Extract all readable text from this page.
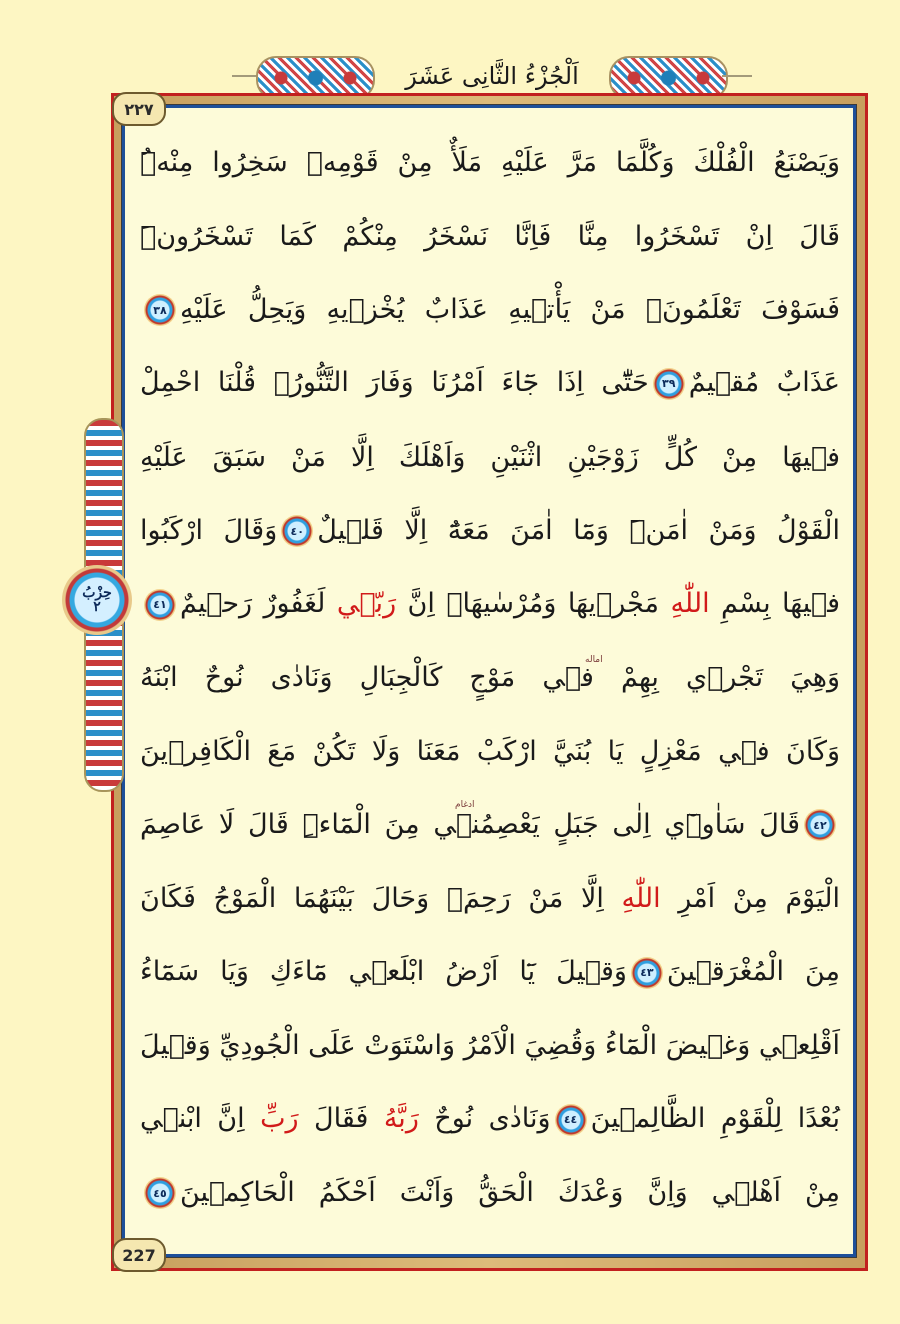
اَلْجُزْءُ الثَّانِى عَشَرَ
٢٢٧
227
حِزْبُ
٢
وَيَصْنَعُ الْفُلْكَ وَكُلَّمَا مَرَّ عَلَيْهِ مَلَأٌ مِنْ قَوْمِه۪ سَخِرُوا مِنْهُۜ
قَالَ اِنْ تَسْخَرُوا مِنَّا فَاِنَّا نَسْخَرُ مِنْكُمْ كَمَا تَسْخَرُونَۜ
فَسَوْفَ تَعْلَمُونَۙ مَنْ يَأْت۪يهِ عَذَابٌ يُخْز۪يهِ وَيَحِلُّ عَلَيْهِ٣٨
عَذَابٌ مُق۪يمٌ٣٩حَتّٰٓى اِذَا جَٓاءَ اَمْرُنَا وَفَارَ التَّنُّورُۙ قُلْنَا احْمِلْ
ف۪يهَا مِنْ كُلٍّ زَوْجَيْنِ اثْنَيْنِ وَاَهْلَكَ اِلَّا مَنْ سَبَقَ عَلَيْهِ
الْقَوْلُ وَمَنْ اٰمَنَۜ وَمَٓا اٰمَنَ مَعَهُٓ اِلَّا قَل۪يلٌ٤٠وَقَالَ ارْكَبُوا
ف۪يهَا بِسْمِ اللّٰهِ مَجْر۪يهَا وَمُرْسٰيهَاۜ اِنَّ رَبّ۪ي لَغَفُورٌ رَح۪يمٌ٤١
وَهِيَ تَجْر۪ي بِهِمْ ف۪ي مَوْجٍ كَالْجِبَالِ وَنَادٰى نُوحٌ ابْنَهُ
وَكَانَ ف۪ي مَعْزِلٍ يَا بُنَيَّ ارْكَبْ مَعَنَا وَلَا تَكُنْ مَعَ الْكَافِر۪ينَ
٤٢قَالَ سَاٰو۪ٓي اِلٰى جَبَلٍ يَعْصِمُن۪ي مِنَ الْمَٓاءِۜ قَالَ لَا عَاصِمَ
الْيَوْمَ مِنْ اَمْرِ اللّٰهِ اِلَّا مَنْ رَحِمَۚ وَحَالَ بَيْنَهُمَا الْمَوْجُ فَكَانَ
مِنَ الْمُغْرَق۪ينَ٤٣وَق۪يلَ يَٓا اَرْضُ ابْلَع۪ي مَٓاءَكِ وَيَا سَمَٓاءُ
اَقْلِع۪ي وَغ۪يضَ الْمَٓاءُ وَقُضِيَ الْاَمْرُ وَاسْتَوَتْ عَلَى الْجُودِيِّ وَق۪يلَ
بُعْدًا لِلْقَوْمِ الظَّالِم۪ينَ٤٤وَنَادٰى نُوحٌ رَبَّهُ فَقَالَ رَبِّ اِنَّ ابْن۪ي
مِنْ اَهْل۪ي وَاِنَّ وَعْدَكَ الْحَقُّ وَاَنْتَ اَحْكَمُ الْحَاكِم۪ينَ٤٥
امالە
ادغام
